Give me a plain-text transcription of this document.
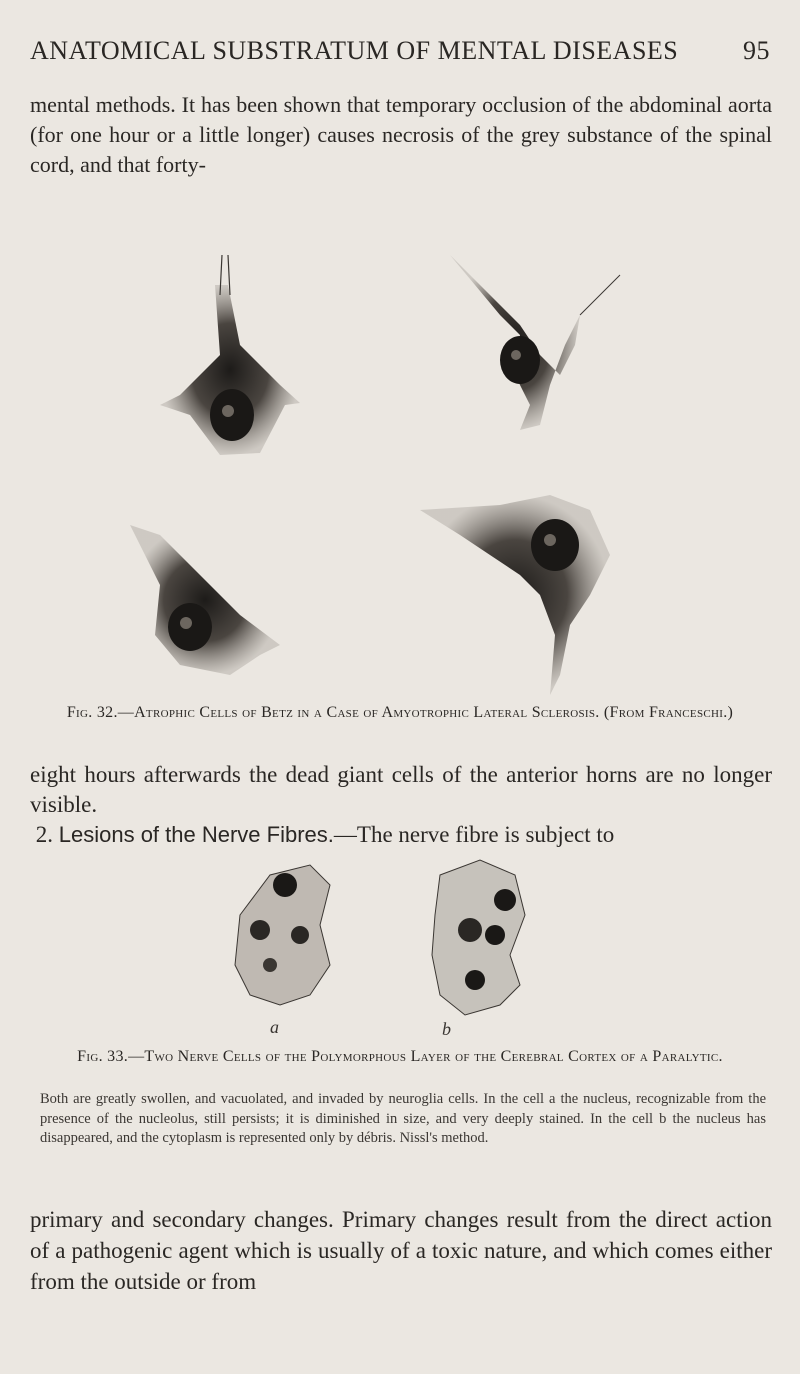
ANATOMICAL SUBSTRATUM OF MENTAL DISEASES 95
mental methods. It has been shown that temporary occlusion of the abdominal aorta (for one hour or a little longer) causes necrosis of the grey substance of the spinal cord, and that forty-
Fig. 32.—Atrophic Cells of Betz in a Case of Amyotrophic Lateral Sclerosis. (From Franceschi.)
eight hours afterwards the dead giant cells of the anterior horns are no longer visible.
2. Lesions of the Nerve Fibres.—The nerve fibre is subject to
a	b
Fig. 33.—Two Nerve Cells of the Polymorphous Layer of the Cerebral Cortex of a Paralytic.
Both are greatly swollen, and vacuolated, and invaded by neuroglia cells. In the cell a the nucleus, recognizable from the presence of the nucleolus, still persists; it is diminished in size, and very deeply stained. In the cell b the nucleus has disappeared, and the cytoplasm is represented only by débris. Nissl's method.
primary and secondary changes. Primary changes result from the direct action of a pathogenic agent which is usually of a toxic nature, and which comes either from the outside or from
